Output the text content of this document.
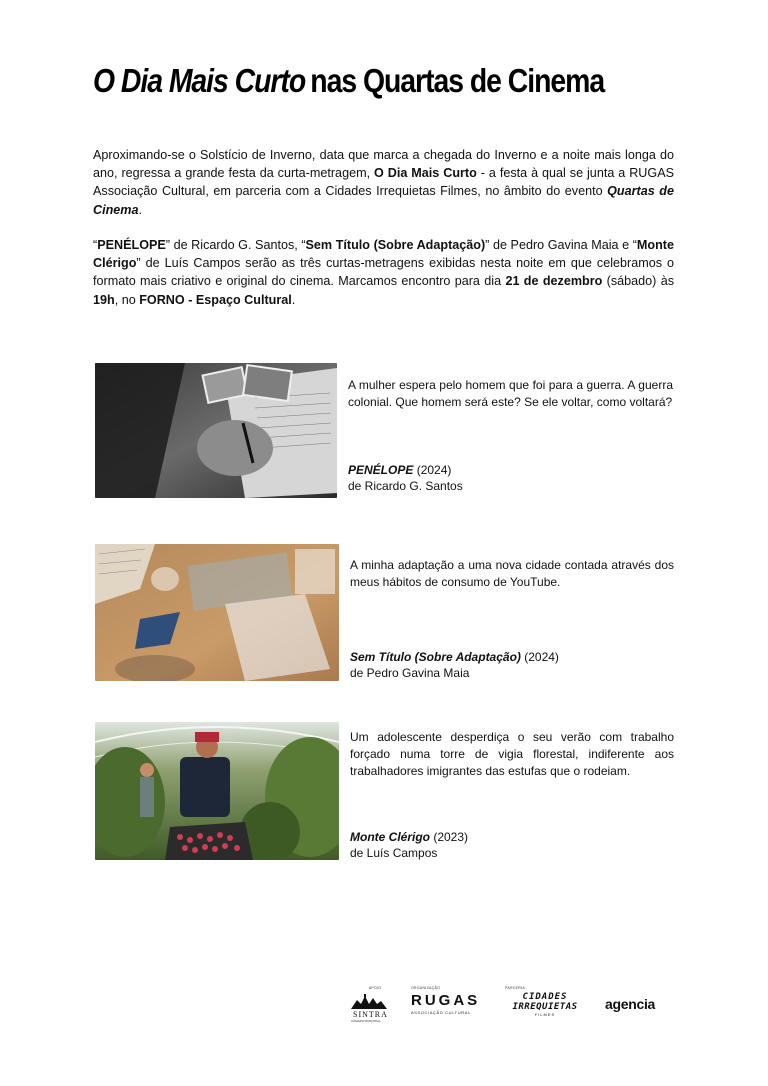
O Dia Mais Curto nas Quartas de Cinema

Aproximando-se o Solstício de Inverno, data que marca a chegada do Inverno e a noite mais longa do ano, regressa a grande festa da curta-metragem, O Dia Mais Curto - a festa à qual se junta a RUGAS Associação Cultural, em parceria com a Cidades Irrequietas Filmes, no âmbito do evento Quartas de Cinema.

“PENÉLOPE” de Ricardo G. Santos, “Sem Título (Sobre Adaptação)” de Pedro Gavina Maia e “Monte Clérigo” de Luís Campos serão as três curtas-metragens exibidas nesta noite em que celebramos o formato mais criativo e original do cinema. Marcamos encontro para dia 21 de dezembro (sábado) às 19h, no FORNO - Espaço Cultural.

A mulher espera pelo homem que foi para a guerra. A guerra colonial. Que homem será este? Se ele voltar, como voltará?

PENÉLOPE (2024)
de Ricardo G. Santos

A minha adaptação a uma nova cidade contada através dos meus hábitos de consumo de YouTube.

Sem Título (Sobre Adaptação) (2024)
de Pedro Gavina Maia

Um adolescente desperdiça o seu verão com trabalho forçado numa torre de vigia florestal, indiferente aos trabalhadores imigrantes das estufas que o rodeiam.

Monte Clérigo (2023)
de Luís Campos

APOIO
SINTRA
CÂMARA MUNICIPAL
ORGANIZAÇÃO
RUGAS
ASSOCIAÇÃO CULTURAL
PARCERIA
CIDADES
IRREQUIETAS
FILMES
agencia
